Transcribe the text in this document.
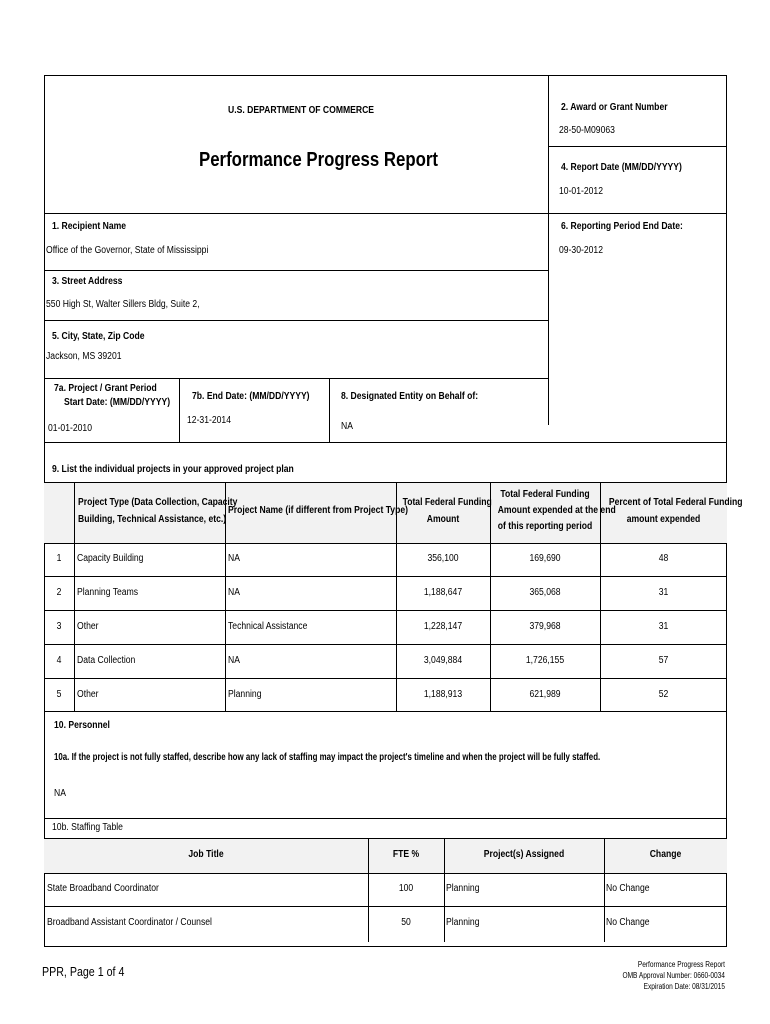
U.S. DEPARTMENT OF COMMERCE
Performance Progress Report
2. Award or Grant Number
28-50-M09063
4. Report Date (MM/DD/YYYY)
10-01-2012
1. Recipient Name
Office of the Governor, State of Mississippi
6. Reporting Period End Date:
09-30-2012
3. Street Address
550 High St, Walter Sillers Bldg, Suite 2,
5. City, State, Zip Code
Jackson, MS 39201
7a. Project / Grant Period
Start Date: (MM/DD/YYYY)
01-01-2010
7b. End Date: (MM/DD/YYYY)
12-31-2014
8. Designated Entity on Behalf of:
NA
9. List the individual projects in your approved project plan
Project Type (Data Collection, Capacity
Building, Technical Assistance, etc.)
Project Name (if different from Project Type)
Total Federal Funding
Amount
Total Federal Funding
Amount expended at the end
of this reporting period
Percent of Total Federal Funding
amount expended
1	Capacity Building	NA	356,100	169,690	48
2	Planning Teams	NA	1,188,647	365,068	31
3	Other	Technical Assistance	1,228,147	379,968	31
4	Data Collection	NA	3,049,884	1,726,155	57
5	Other	Planning	1,188,913	621,989	52
10. Personnel
10a. If the project is not fully staffed, describe how any lack of staffing may impact the project's timeline and when the project will be fully staffed.
NA
10b. Staffing Table
Job Title	FTE %	Project(s) Assigned	Change
State Broadband Coordinator	100	Planning	No Change
Broadband Assistant Coordinator / Counsel	50	Planning	No Change
PPR, Page 1 of 4	Performance Progress Report
OMB Approval Number: 0660-0034
Expiration Date: 08/31/2015
